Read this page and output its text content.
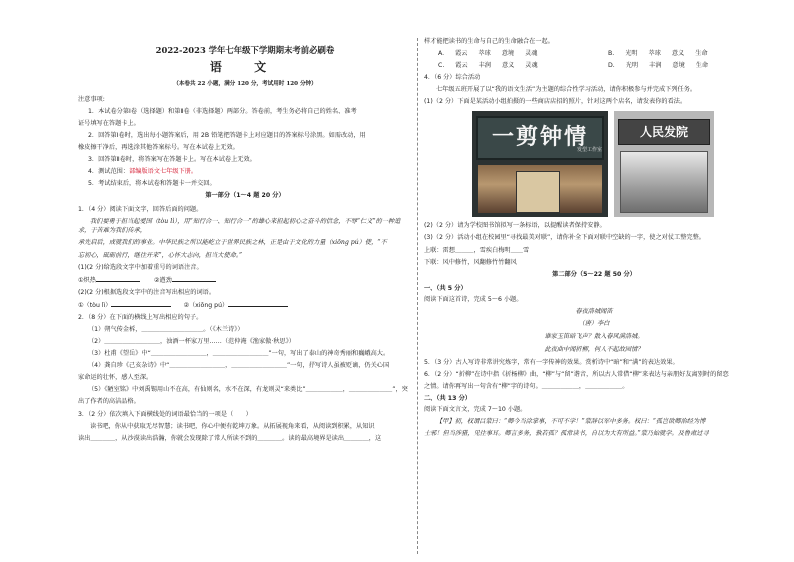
2022-2023 学年七年级下学期期末考前必刷卷
语 文
（本卷共 22 小题，满分 120 分，考试用时 120 分钟）
注意事项:
1．本试卷分第Ⅰ卷（选择题）和第Ⅱ卷（非选择题）两部分。答卷前，考生务必将自己的姓名、准考
证号填写在答题卡上。
2．回答第Ⅰ卷时，选出每小题答案后，用 2B 铅笔把答题卡上对应题目的答案标号涂黑。如需改动，用
橡皮擦干净后，再选涂其他答案标号。写在本试卷上无效。
3．回答第Ⅱ卷时，将答案写在答题卡上。写在本试卷上无效。
4．测试范围：部编版语文七年级下册。
5．考试结束后，将本试卷和答题卡一并交回。
第一部分（1～4 题 20 分）
1．（4 分）阅读下面文字，回答后面的问题。
我们要勇于担当起爱国（tòu lì），用“知行合一、知行合一”的雄心来担起初心之奋斗的信念，不辱“仁义”的一种追求，于苦难为我们传承，
承先启后，成就我们的事业。中华民族之所以能屹立于世界民族之林，正是由于文化的力量（xiōng pú）使，“不
忘初心，砥砺前行，继往开来”，心怀大志向，担当大使命。”
(1)(2 分)给选段文字中加着重号的词语注音。
①炽热	②遒劲
(2)(2 分)根据选段文字中的注音写出相应的词语。
①（tòu lì）	②（xiōng pú）
2．（8 分）在下面的横线上写出相应的句子。
（1）朔气传金柝，＿＿＿＿＿＿＿＿＿＿。（《木兰诗》）
（2）＿＿＿＿＿＿＿＿＿，浊酒一杯家万里……（范仲淹《渔家傲·秋思》）
（3）杜甫《望岳》中“＿＿＿＿＿＿＿＿＿，＿＿＿＿＿＿＿＿＿”一句，写出了泰山的神奇秀丽和巍峨高大。
（4）龚自珍《己亥杂诗》中“＿＿＿＿＿＿＿＿＿，＿＿＿＿＿＿＿＿＿”一句，抒写诗人虽被贬谪，仍关心国
家命运的壮怀，感人至深。
（5）《陋室铭》中刘禹锡用山不在高，有仙则名，水不在深，有龙则灵“来类比”＿＿＿＿＿＿，＿＿＿＿＿＿＿”，突
出了作者的高洁品格。
3．（2 分）依次填入下面横线处的词语最恰当的一项是（　　）
读书吧，你从中获取无尽智慧；读书吧，你心中便有乾坤万象。从拓展视角来看，从阅读到积累，从知识
读出＿＿＿＿，从沙漠读出浩瀚，你就会发现除了常人所读不到的＿＿＿＿。读的最高境界是读出＿＿＿＿，这
样才能把读书的生命与自己的生命融合在一起。
A. 霞云 萃球 意境 灵魂	B. 光明 萃球 意义 生命
C. 霞云 丰润 意义 灵魂	D. 光明 丰润 意境 生命
4．（6 分）综合活动
七年级五班开展了以“我的语文生活”为主题的综合性学习活动，请你积极参与并完成下列任务。
(1)（2 分）下面是某活动小组拍摄的一些商店店招的照片，针对这两个店名，请发表你的看法。
一剪钟情
发型工作室
人民发院
(2)（2 分）请为学校图书馆拟写一条标语，以提醒读者保持安静。
(3)（2 分）活动小组在校园里“寻找最美对联”，请你补全下面对联中空缺的一字，使之对仗工整完整。
上联：雷想＿＿＿，雪疾白梅明＿＿雪
下联：风中修竹，风翻修竹竹翻风
第二部分（5～22 题 50 分）
一、（共 5 分）
阅读下面这首诗，完成 5～6 小题。
春夜洛城闻笛
（唐）李白
谁家玉笛暗飞声？散入春风满洛城。
此夜曲中闻折柳，何人不起故园情？
5．（3 分）古人写诗非常讲究炼字，常有一字传神的效果。赏析诗中“暗”和“满”的表达效果。
6．（2 分）“折柳”在诗中指《折杨柳》曲，“柳”与“留”谐音，所以古人常借“柳”来表达与亲朋好友离别时的留恋
之情。请你再写出一句含有“柳”字的诗句。＿＿＿＿＿＿，＿＿＿＿＿＿。
二、（共 13 分）
阅读下面文言文，完成 7～10 小题。
【甲】初，权谓吕蒙曰：“卿今当涂掌事，不可不学！”蒙辞以军中多务。权曰：“孤岂欲卿治经为博
士邪！但当涉猎，见往事耳。卿言多务，孰若孤？孤常读书，自以为大有所益。”蒙乃始就学。及鲁肃过寻
